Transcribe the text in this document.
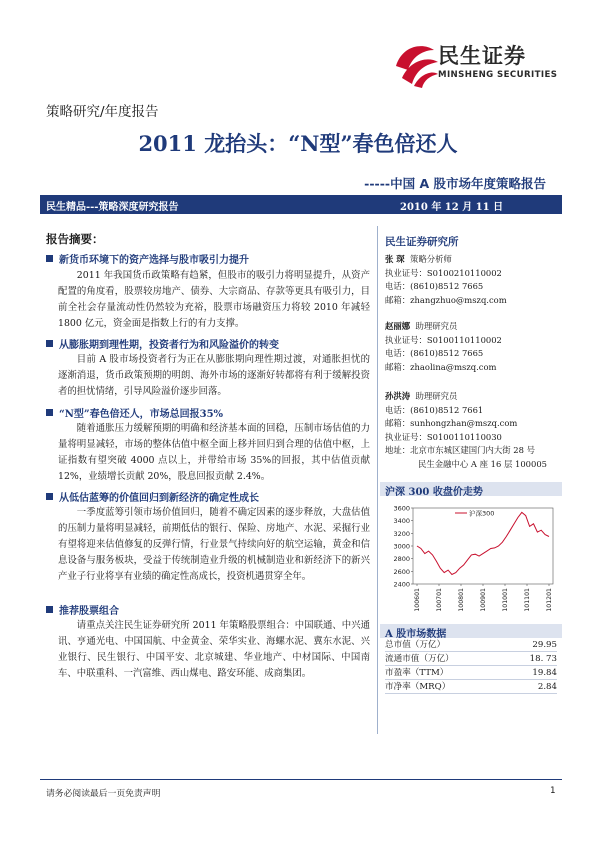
民生证券
MINSHENG SECURITIES
策略研究/年度报告
2011 龙抬头：“N型”春色倍还人
-----中国 A 股市场年度策略报告
民生精品---策略深度研究报告	2010 年 12 月 11 日
报告摘要：
新货币环境下的资产选择与股市吸引力提升
2011 年我国货币政策略有趋紧，但股市的吸引力将明显提升，从资产配置的角度看，股票较房地产、债券、大宗商品、存款等更具有吸引力，目前全社会存量流动性仍然较为充裕，股票市场融资压力将较 2010 年减轻 1800 亿元，资金面是指数上行的有力支撑。
从膨胀期到理性期，投资者行为和风险溢价的转变
目前 A 股市场投资者行为正在从膨胀期向理性期过渡，对通胀担忧的逐渐消退，货币政策预期的明朗、海外市场的逐渐好转都将有利于缓解投资者的担忧情绪，引导风险溢价逐步回落。
“N型”春色倍还人，市场总回报35%
随着通胀压力缓解预期的明确和经济基本面的回稳，压制市场估值的力量将明显减轻，市场的整体估值中枢全面上移并回归到合理的估值中枢，上证指数有望突破 4000 点以上，并带给市场 35%的回报，其中估值贡献 12%，业绩增长贡献 20%，股息回报贡献 2.4%。
从低估蓝筹的价值回归到新经济的确定性成长
一季度蓝筹引领市场价值回归，随着不确定因素的逐步释放，大盘估值的压制力量将明显减轻，前期低估的银行、保险、房地产、水泥、采掘行业有望将迎来估值修复的反弹行情，行业景气持续向好的航空运输，黄金和信息设备与服务板块，受益于传统制造业升级的机械制造业和新经济下的新兴产业子行业将享有业绩的确定性高成长，投资机遇贯穿全年。
推荐股票组合
请重点关注民生证券研究所 2011 年策略股票组合：中国联通、中兴通讯、亨通光电、中国国航、中金黄金、荣华实业、海螺水泥、冀东水泥、兴业银行、民生银行、中国平安、北京城建、华业地产、中材国际、中国南车、中联重科、一汽富维、西山煤电、路安环能、成商集团。
民生证券研究所
张 琛 策略分析师
执业证号：S0100210110002
电话：(8610)8512 7665
邮箱：zhangzhuo@mszq.com
赵丽娜 助理研究员
执业证号：S0100110110002
电话：(8610)8512 7665
邮箱：zhaolina@mszq.com
孙洪涛 助理研究员
电话：(8610)8512 7661
邮箱：sunhongzhan@mszq.com
执业证号：S0100110110030
地址：北京市东城区建国门内大街 28 号
民生金融中心 A 座 16 层 100005
沪深 300 收盘价走势
2400
2600
2800
3000
3200
3400
3600
100601 100701 100801 100901 101001 101101 101201
沪深300
A 股市场数据
总市值（万亿）	29.95
流通市值（万亿）	18. 73
市盈率（TTM）	19.84
市净率（MRQ）	2.84
请务必阅读最后一页免责声明	1
